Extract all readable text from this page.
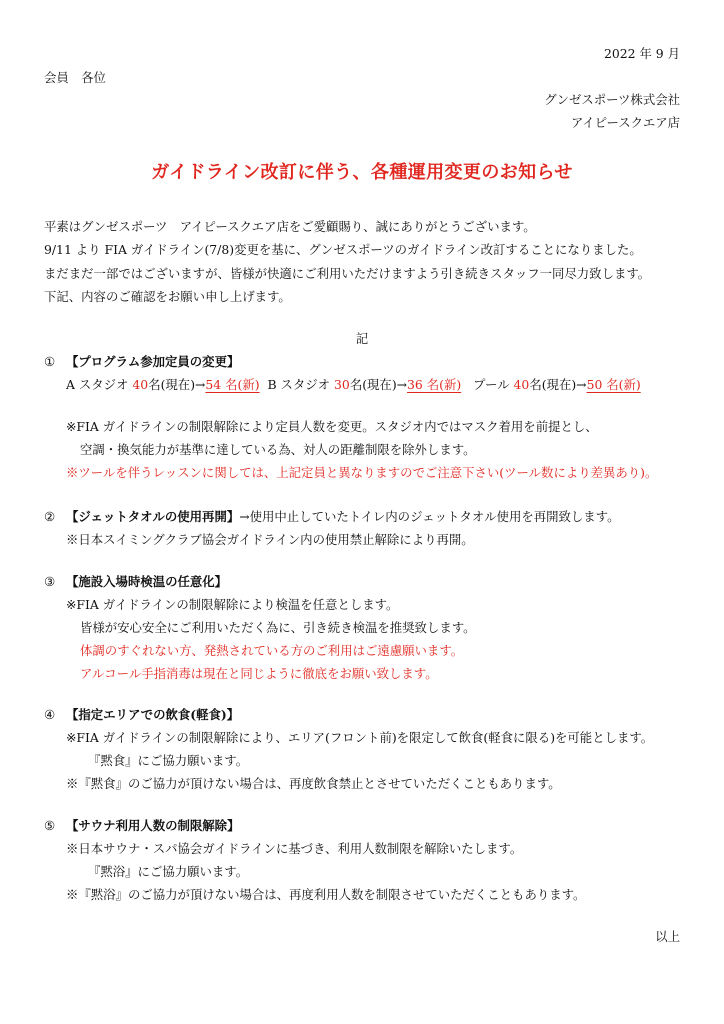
2022 年 9 月
会員　各位
グンゼスポーツ株式会社
アイピースクエア店
ガイドライン改訂に伴う、各種運用変更のお知らせ
平素はグンゼスポーツ　アイピースクエア店をご愛顧賜り、誠にありがとうございます。
9/11 より FIA ガイドライン(7/8)変更を基に、グンゼスポーツのガイドライン改訂することになりました。
まだまだ一部ではございますが、皆様が快適にご利用いただけますよう引き続きスタッフ一同尽力致します。
下記、内容のご確認をお願い申し上げます。
記
① 【プログラム参加定員の変更】
A スタジオ 40名(現在)→54 名(新) B スタジオ 30名(現在)→36 名(新) プール 40名(現在)→50 名(新)
※FIA ガイドラインの制限解除により定員人数を変更。スタジオ内ではマスク着用を前提とし、
空調・換気能力が基準に達している為、対人の距離制限を除外します。
※ツールを伴うレッスンに関しては、上記定員と異なりますのでご注意下さい(ツール数により差異あり)。
② 【ジェットタオルの使用再開】→使用中止していたトイレ内のジェットタオル使用を再開致します。
※日本スイミングクラブ協会ガイドライン内の使用禁止解除により再開。
③ 【施設入場時検温の任意化】
※FIA ガイドラインの制限解除により検温を任意とします。
皆様が安心安全にご利用いただく為に、引き続き検温を推奨致します。
体調のすぐれない方、発熱されている方のご利用はご遠慮願います。
アルコール手指消毒は現在と同じように徹底をお願い致します。
④ 【指定エリアでの飲食(軽食)】
※FIA ガイドラインの制限解除により、エリア(フロント前)を限定して飲食(軽食に限る)を可能とします。
『黙食』にご協力願います。
※『黙食』のご協力が頂けない場合は、再度飲食禁止とさせていただくこともあります。
⑤ 【サウナ利用人数の制限解除】
※日本サウナ・スパ協会ガイドラインに基づき、利用人数制限を解除いたします。
『黙浴』にご協力願います。
※『黙浴』のご協力が頂けない場合は、再度利用人数を制限させていただくこともあります。
以上
